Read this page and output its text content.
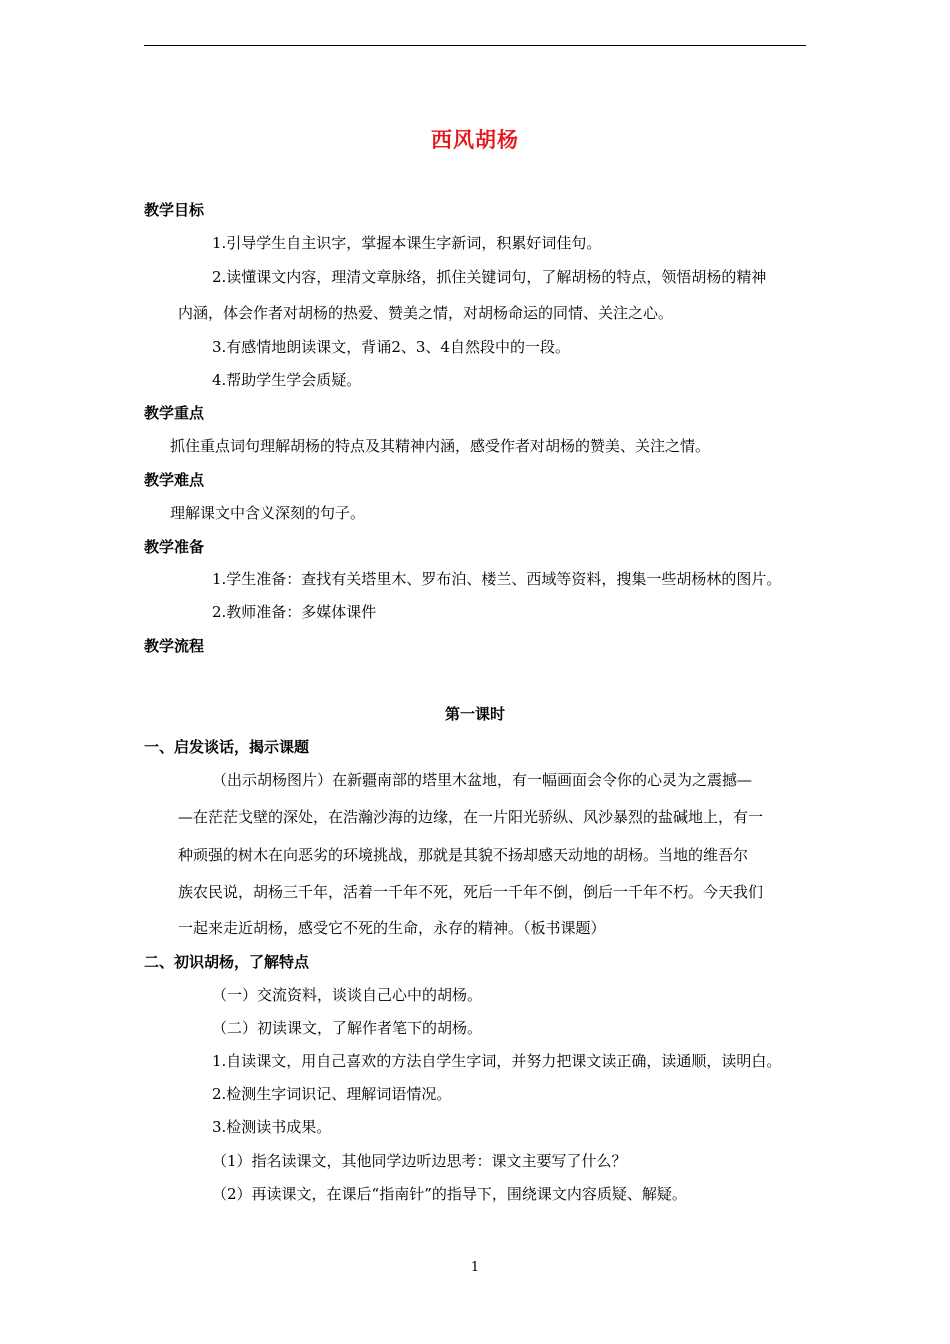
西风胡杨
教学目标
1.引导学生自主识字，掌握本课生字新词，积累好词佳句。
2.读懂课文内容，理清文章脉络，抓住关键词句，了解胡杨的特点，领悟胡杨的精神
内涵，体会作者对胡杨的热爱、赞美之情，对胡杨命运的同情、关注之心。
3.有感情地朗读课文，背诵2、3、4自然段中的一段。
4.帮助学生学会质疑。
教学重点
抓住重点词句理解胡杨的特点及其精神内涵，感受作者对胡杨的赞美、关注之情。
教学难点
理解课文中含义深刻的句子。
教学准备
1.学生准备：查找有关塔里木、罗布泊、楼兰、西域等资料，搜集一些胡杨林的图片。
2.教师准备：多媒体课件
教学流程
第一课时
一、启发谈话，揭示课题
（出示胡杨图片）在新疆南部的塔里木盆地，有一幅画面会令你的心灵为之震撼—
—在茫茫戈壁的深处，在浩瀚沙海的边缘，在一片阳光骄纵、风沙暴烈的盐碱地上，有一
种顽强的树木在向恶劣的环境挑战，那就是其貌不扬却感天动地的胡杨。当地的维吾尔
族农民说，胡杨三千年，活着一千年不死，死后一千年不倒，倒后一千年不朽。今天我们
一起来走近胡杨，感受它不死的生命，永存的精神。（板书课题）
二、初识胡杨，了解特点
（一）交流资料，谈谈自己心中的胡杨。
（二）初读课文，了解作者笔下的胡杨。
1.自读课文，用自己喜欢的方法自学生字词，并努力把课文读正确，读通顺，读明白。
2.检测生字词识记、理解词语情况。
3.检测读书成果。
（1）指名读课文，其他同学边听边思考：课文主要写了什么？
（2）再读课文，在课后“指南针”的指导下，围绕课文内容质疑、解疑。
1
